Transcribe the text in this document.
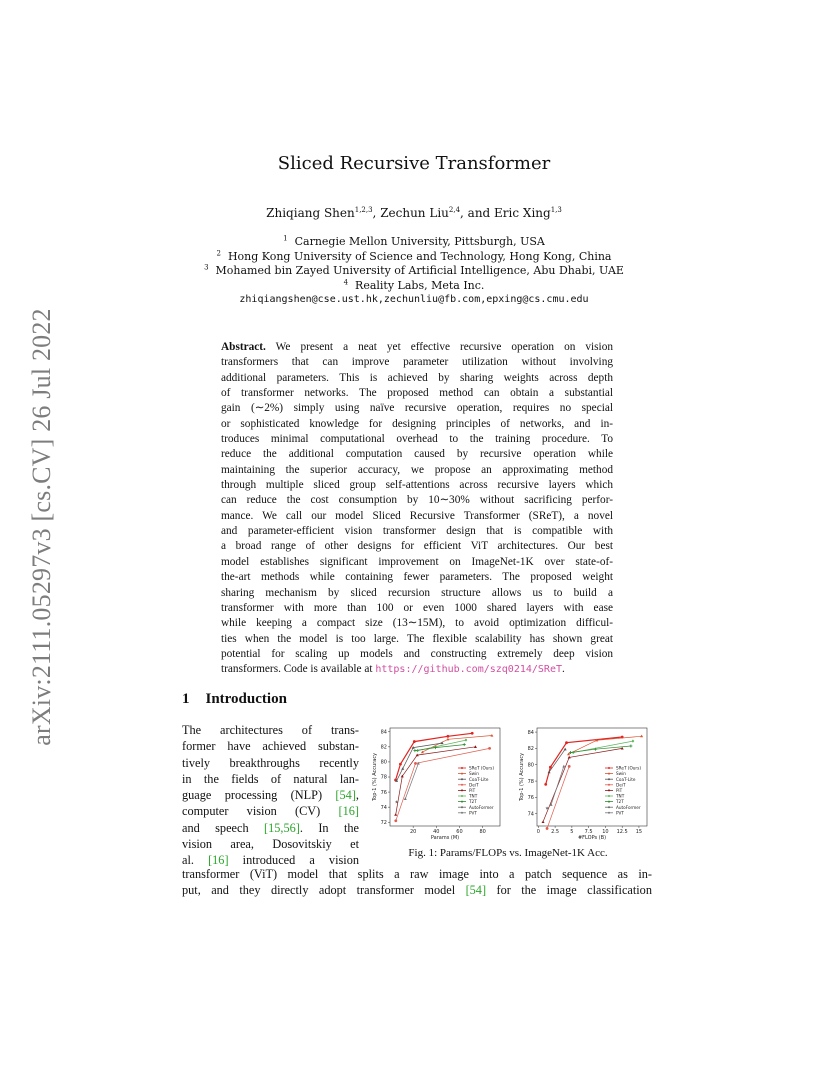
arXiv:2111.05297v3 [cs.CV] 26 Jul 2022
Sliced Recursive Transformer
Zhiqiang Shen$^{1,2,3}$, Zechun Liu$^{2,4}$, and Eric Xing$^{1,3}$
$^1$ Carnegie Mellon University, Pittsburgh, USA
$^2$ Hong Kong University of Science and Technology, Hong Kong, China
$^3$ Mohamed bin Zayed University of Artificial Intelligence, Abu Dhabi, UAE
$^4$ Reality Labs, Meta Inc.
zhiqiangshen@cse.ust.hk,zechunliu@fb.com,epxing@cs.cmu.edu
Abstract. We present a neat yet effective recursive operation on vision
transformers that can improve parameter utilization without involving
additional parameters. This is achieved by sharing weights across depth
of transformer networks. The proposed method can obtain a substantial
gain (∼2%) simply using naïve recursive operation, requires no special
or sophisticated knowledge for designing principles of networks, and in-
troduces minimal computational overhead to the training procedure. To
reduce the additional computation caused by recursive operation while
maintaining the superior accuracy, we propose an approximating method
through multiple sliced group self-attentions across recursive layers which
can reduce the cost consumption by 10∼30% without sacrificing perfor-
mance. We call our model Sliced Recursive Transformer (SReT), a novel
and parameter-efficient vision transformer design that is compatible with
a broad range of other designs for efficient ViT architectures. Our best
model establishes significant improvement on ImageNet-1K over state-of-
the-art methods while containing fewer parameters. The proposed weight
sharing mechanism by sliced recursion structure allows us to build a
transformer with more than 100 or even 1000 shared layers with ease
while keeping a compact size (13∼15M), to avoid optimization difficul-
ties when the model is too large. The flexible scalability has shown great
potential for scaling up models and constructing extremely deep vision
transformers. Code is available at https://github.com/szq0214/SReT.
1 Introduction
The architectures of trans-
former have achieved substan-
tively breakthroughs recently
in the fields of natural lan-
guage processing (NLP) [54],
computer vision (CV) [16]
and speech [15,56]. In the
vision area, Dosovitskiy et
al. [16] introduced a vision
transformer (ViT) model that splits a raw image into a patch sequence as in-
put, and they directly adopt transformer model [54] for the image classification
20	40	60	80
72
74
76
78
80
82
84
Params (M)
Top-1 (%) Accuracy	SReT (Ours)
Swin
CoaT-Lite
DeiT
PiT
TNT
T2T
AutoFormer
PVT
0 2.5 5 7.5 10 12.5 15
74
76
78
80
82
84
#FLOPs (B)
Top-1 (%) Accuracy	SReT (Ours)
Swin
CoaT-Lite
DeiT
PiT
TNT
T2T
AutoFormer
PVT
Fig. 1: Params/FLOPs vs. ImageNet-1K Acc.
